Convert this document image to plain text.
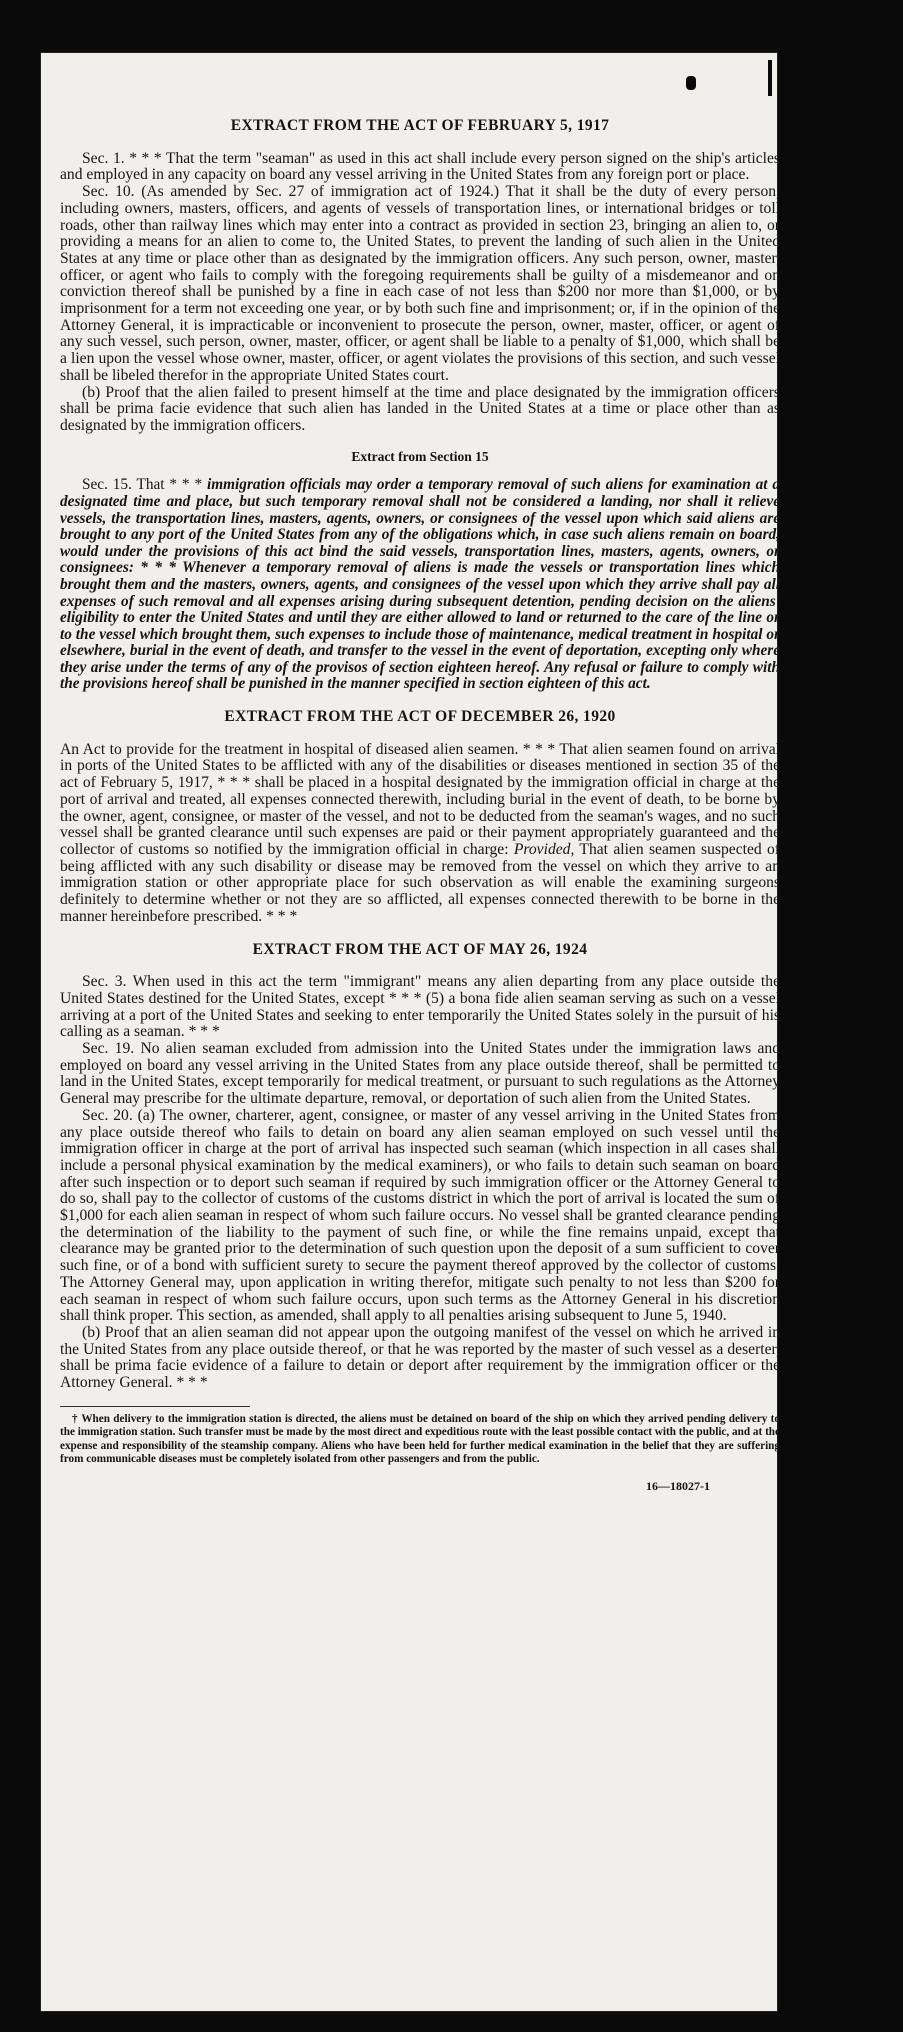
EXTRACT FROM THE ACT OF FEBRUARY 5, 1917

Sec. 1. * * * That the term "seaman" as used in this act shall include every person signed on the ship's articles and employed in any capacity on board any vessel arriving in the United States from any foreign port or place.

Sec. 10. (As amended by Sec. 27 of immigration act of 1924.) That it shall be the duty of every person, including owners, masters, officers, and agents of vessels of transportation lines, or international bridges or toll roads, other than railway lines which may enter into a contract as provided in section 23, bringing an alien to, or providing a means for an alien to come to, the United States, to prevent the landing of such alien in the United States at any time or place other than as designated by the immigration officers. Any such person, owner, master, officer, or agent who fails to comply with the foregoing requirements shall be guilty of a misdemeanor and on conviction thereof shall be punished by a fine in each case of not less than $200 nor more than $1,000, or by imprisonment for a term not exceeding one year, or by both such fine and imprisonment; or, if in the opinion of the Attorney General, it is impracticable or inconvenient to prosecute the person, owner, master, officer, or agent of any such vessel, such person, owner, master, officer, or agent shall be liable to a penalty of $1,000, which shall be a lien upon the vessel whose owner, master, officer, or agent violates the provisions of this section, and such vessel shall be libeled therefor in the appropriate United States court.

(b) Proof that the alien failed to present himself at the time and place designated by the immigration officers shall be prima facie evidence that such alien has landed in the United States at a time or place other than as designated by the immigration officers.

Extract from Section 15

Sec. 15. That * * * immigration officials may order a temporary removal of such aliens for examination at a designated time and place, but such temporary removal shall not be considered a landing, nor shall it relieve vessels, the transportation lines, masters, agents, owners, or consignees of the vessel upon which said aliens are brought to any port of the United States from any of the obligations which, in case such aliens remain on board, would under the provisions of this act bind the said vessels, transportation lines, masters, agents, owners, or consignees: * * * Whenever a temporary removal of aliens is made the vessels or transportation lines which brought them and the masters, owners, agents, and consignees of the vessel upon which they arrive shall pay all expenses of such removal and all expenses arising during subsequent detention, pending decision on the aliens' eligibility to enter the United States and until they are either allowed to land or returned to the care of the line or to the vessel which brought them, such expenses to include those of maintenance, medical treatment in hospital or elsewhere, burial in the event of death, and transfer to the vessel in the event of deportation, excepting only where they arise under the terms of any of the provisos of section eighteen hereof. Any refusal or failure to comply with the provisions hereof shall be punished in the manner specified in section eighteen of this act.

EXTRACT FROM THE ACT OF DECEMBER 26, 1920

An Act to provide for the treatment in hospital of diseased alien seamen. * * * That alien seamen found on arrival in ports of the United States to be afflicted with any of the disabilities or diseases mentioned in section 35 of the act of February 5, 1917, * * * shall be placed in a hospital designated by the immigration official in charge at the port of arrival and treated, all expenses connected therewith, including burial in the event of death, to be borne by the owner, agent, consignee, or master of the vessel, and not to be deducted from the seaman's wages, and no such vessel shall be granted clearance until such expenses are paid or their payment appropriately guaranteed and the collector of customs so notified by the immigration official in charge: Provided, That alien seamen suspected of being afflicted with any such disability or disease may be removed from the vessel on which they arrive to an immigration station or other appropriate place for such observation as will enable the examining surgeons definitely to determine whether or not they are so afflicted, all expenses connected therewith to be borne in the manner hereinbefore prescribed. * * *

EXTRACT FROM THE ACT OF MAY 26, 1924

Sec. 3. When used in this act the term "immigrant" means any alien departing from any place outside the United States destined for the United States, except * * * (5) a bona fide alien seaman serving as such on a vessel arriving at a port of the United States and seeking to enter temporarily the United States solely in the pursuit of his calling as a seaman. * * *

Sec. 19. No alien seaman excluded from admission into the United States under the immigration laws and employed on board any vessel arriving in the United States from any place outside thereof, shall be permitted to land in the United States, except temporarily for medical treatment, or pursuant to such regulations as the Attorney General may prescribe for the ultimate departure, removal, or deportation of such alien from the United States.

Sec. 20. (a) The owner, charterer, agent, consignee, or master of any vessel arriving in the United States from any place outside thereof who fails to detain on board any alien seaman employed on such vessel until the immigration officer in charge at the port of arrival has inspected such seaman (which inspection in all cases shall include a personal physical examination by the medical examiners), or who fails to detain such seaman on board after such inspection or to deport such seaman if required by such immigration officer or the Attorney General to do so, shall pay to the collector of customs of the customs district in which the port of arrival is located the sum of $1,000 for each alien seaman in respect of whom such failure occurs. No vessel shall be granted clearance pending the determination of the liability to the payment of such fine, or while the fine remains unpaid, except that clearance may be granted prior to the determination of such question upon the deposit of a sum sufficient to cover such fine, or of a bond with sufficient surety to secure the payment thereof approved by the collector of customs. The Attorney General may, upon application in writing therefor, mitigate such penalty to not less than $200 for each seaman in respect of whom such failure occurs, upon such terms as the Attorney General in his discretion shall think proper. This section, as amended, shall apply to all penalties arising subsequent to June 5, 1940.

(b) Proof that an alien seaman did not appear upon the outgoing manifest of the vessel on which he arrived in the United States from any place outside thereof, or that he was reported by the master of such vessel as a deserter, shall be prima facie evidence of a failure to detain or deport after requirement by the immigration officer or the Attorney General. * * *

† When delivery to the immigration station is directed, the aliens must be detained on board of the ship on which they arrived pending delivery to the immigration station. Such transfer must be made by the most direct and expeditious route with the least possible contact with the public, and at the expense and responsibility of the steamship company. Aliens who have been held for further medical examination in the belief that they are suffering from communicable diseases must be completely isolated from other passengers and from the public.

16—18027-1
